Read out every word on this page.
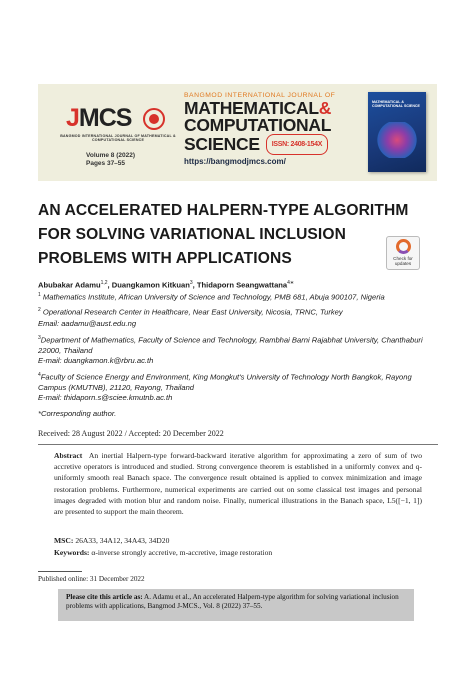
JMCS
BANGMOD INTERNATIONAL JOURNAL OF MATHEMATICAL & COMPUTATIONAL SCIENCE
Volume 8 (2022)
Pages 37–55
BANGMOD INTERNATIONAL JOURNAL OF
MATHEMATICAL&
COMPUTATIONAL
SCIENCE	ISSN: 2408-154X
https://bangmodjmcs.com/
MATHEMATICAL & COMPUTATIONAL SCIENCE
AN ACCELERATED HALPERN-TYPE ALGORITHM FOR SOLVING VARIATIONAL INCLUSION PROBLEMS WITH APPLICATIONS	Check for updates
Abubakar Adamu$^{1,2}$, Duangkamon Kitkuan$^3$, Thidaporn Seangwattana$^{4∗}$
$^1$ Mathematics Institute, African University of Science and Technology, PMB 681, Abuja 900107, Nigeria
$^2$ Operational Research Center in Healthcare, Near East University, Nicosia, TRNC, Turkey
Email: aadamu@aust.edu.ng
$^3$Department of Mathematics, Faculty of Science and Technology, Rambhai Barni Rajabhat University, Chanthaburi 22000, Thailand
E-mail: duangkamon.k@rbru.ac.th
$^4$Faculty of Science Energy and Environment, King Mongkut's University of Technology North Bangkok, Rayong Campus (KMUTNB), 21120, Rayong, Thailand
E-mail: thidaporn.s@sciee.kmutnb.ac.th
*Corresponding author.
Received: 28 August 2022 / Accepted: 20 December 2022
Abstract An inertial Halpern-type forward-backward iterative algorithm for approximating a zero of sum of two accretive operators is introduced and studied. Strong convergence theorem is established in a uniformly convex and q-uniformly smooth real Banach space. The convergence result obtained is applied to convex minimization and image restoration problems. Furthermore, numerical experiments are carried out on some classical test images and personal images degraded with motion blur and random noise. Finally, numerical illustrations in the Banach space, L5([−1, 1]) are presented to support the main theorem.
MSC: 26A33, 34A12, 34A43, 34D20
Keywords: α-inverse strongly accretive, m-accretive, image restoration
Published online: 31 December 2022
Please cite this article as: A. Adamu et al., An accelerated Halpern-type algorithm for solving variational inclusion problems with applications, Bangmod J-MCS., Vol. 8 (2022) 37–55.
